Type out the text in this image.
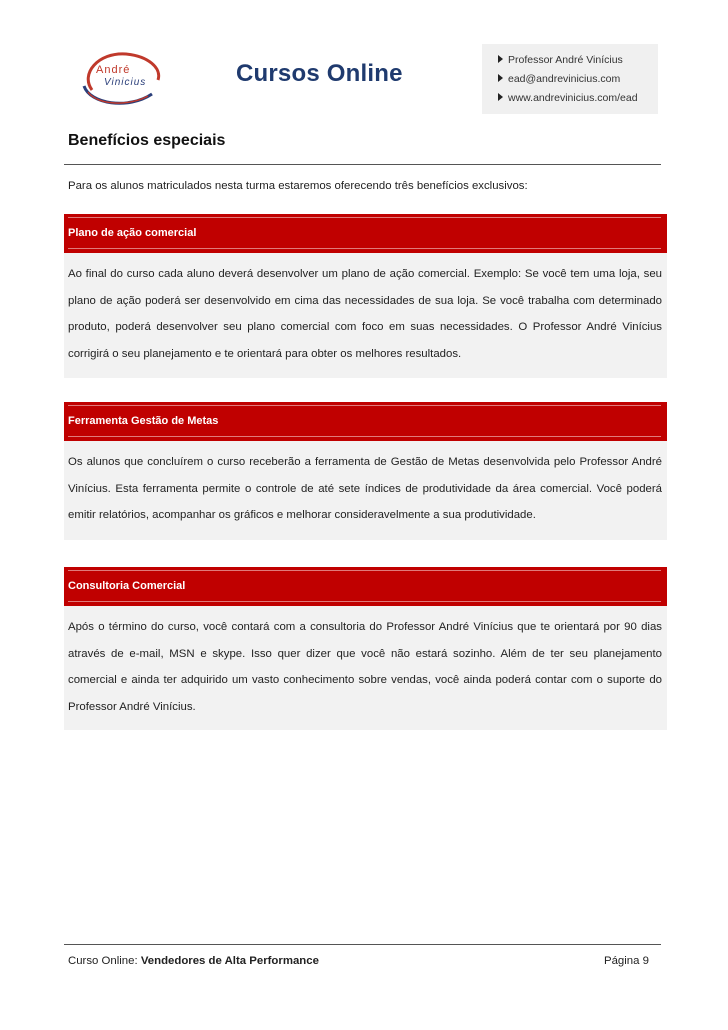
André
Vinicius	Cursos Online	Professor André Vinícius
ead@andrevinicius.com
www.andrevinicius.com/ead
Benefícios especiais
Para os alunos matriculados nesta turma estaremos oferecendo três benefícios exclusivos:
Plano de ação comercial
Ao final do curso cada aluno deverá desenvolver um plano de ação comercial. Exemplo: Se você tem uma loja, seu plano de ação poderá ser desenvolvido em cima das necessidades de sua loja. Se você trabalha com determinado produto, poderá desenvolver seu plano comercial com foco em suas necessidades. O Professor André Vinícius corrigirá o seu planejamento e te orientará para obter os melhores resultados.
Ferramenta Gestão de Metas
Os alunos que concluírem o curso receberão a ferramenta de Gestão de Metas desenvolvida pelo Professor André Vinícius. Esta ferramenta permite o controle de até sete índices de produtividade da área comercial. Você poderá emitir relatórios, acompanhar os gráficos e melhorar consideravelmente a sua produtividade.
Consultoria Comercial
Após o término do curso, você contará com a consultoria do Professor André Vinícius que te orientará por 90 dias através de e-mail, MSN e skype. Isso quer dizer que você não estará sozinho. Além de ter seu planejamento comercial e ainda ter adquirido um vasto conhecimento sobre vendas, você ainda poderá contar com o suporte do Professor André Vinícius.
Curso Online: Vendedores de Alta Performance	Página 9
